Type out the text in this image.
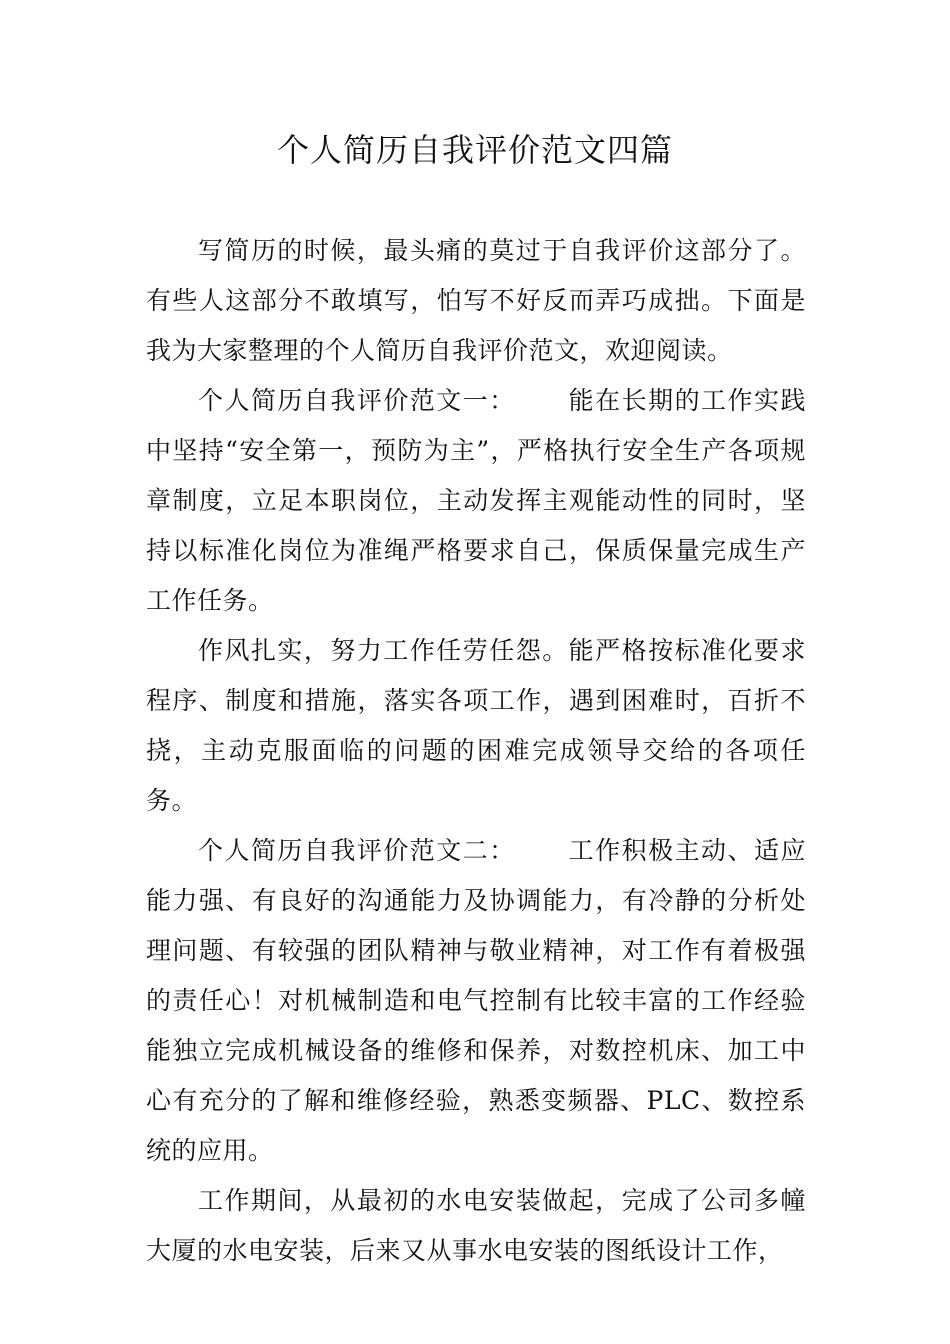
个人简历自我评价范文四篇

写简历的时候，最头痛的莫过于自我评价这部分了。有些人这部分不敢填写，怕写不好反而弄巧成拙。下面是我为大家整理的个人简历自我评价范文，欢迎阅读。

个人简历自我评价范文一： 能在长期的工作实践中坚持“安全第一，预防为主”，严格执行安全生产各项规章制度，立足本职岗位，主动发挥主观能动性的同时，坚持以标准化岗位为准绳严格要求自己，保质保量完成生产工作任务。

作风扎实，努力工作任劳任怨。能严格按标准化要求程序、制度和措施，落实各项工作，遇到困难时，百折不挠，主动克服面临的问题的困难完成领导交给的各项任务。

个人简历自我评价范文二： 工作积极主动、适应能力强、有良好的沟通能力及协调能力，有冷静的分析处理问题、有较强的团队精神与敬业精神，对工作有着极强的责任心！对机械制造和电气控制有比较丰富的工作经验能独立完成机械设备的维修和保养，对数控机床、加工中心有充分的了解和维修经验，熟悉变频器、PLC、数控系统的应用。

工作期间，从最初的水电安装做起，完成了公司多幢大厦的水电安装，后来又从事水电安装的图纸设计工作，
